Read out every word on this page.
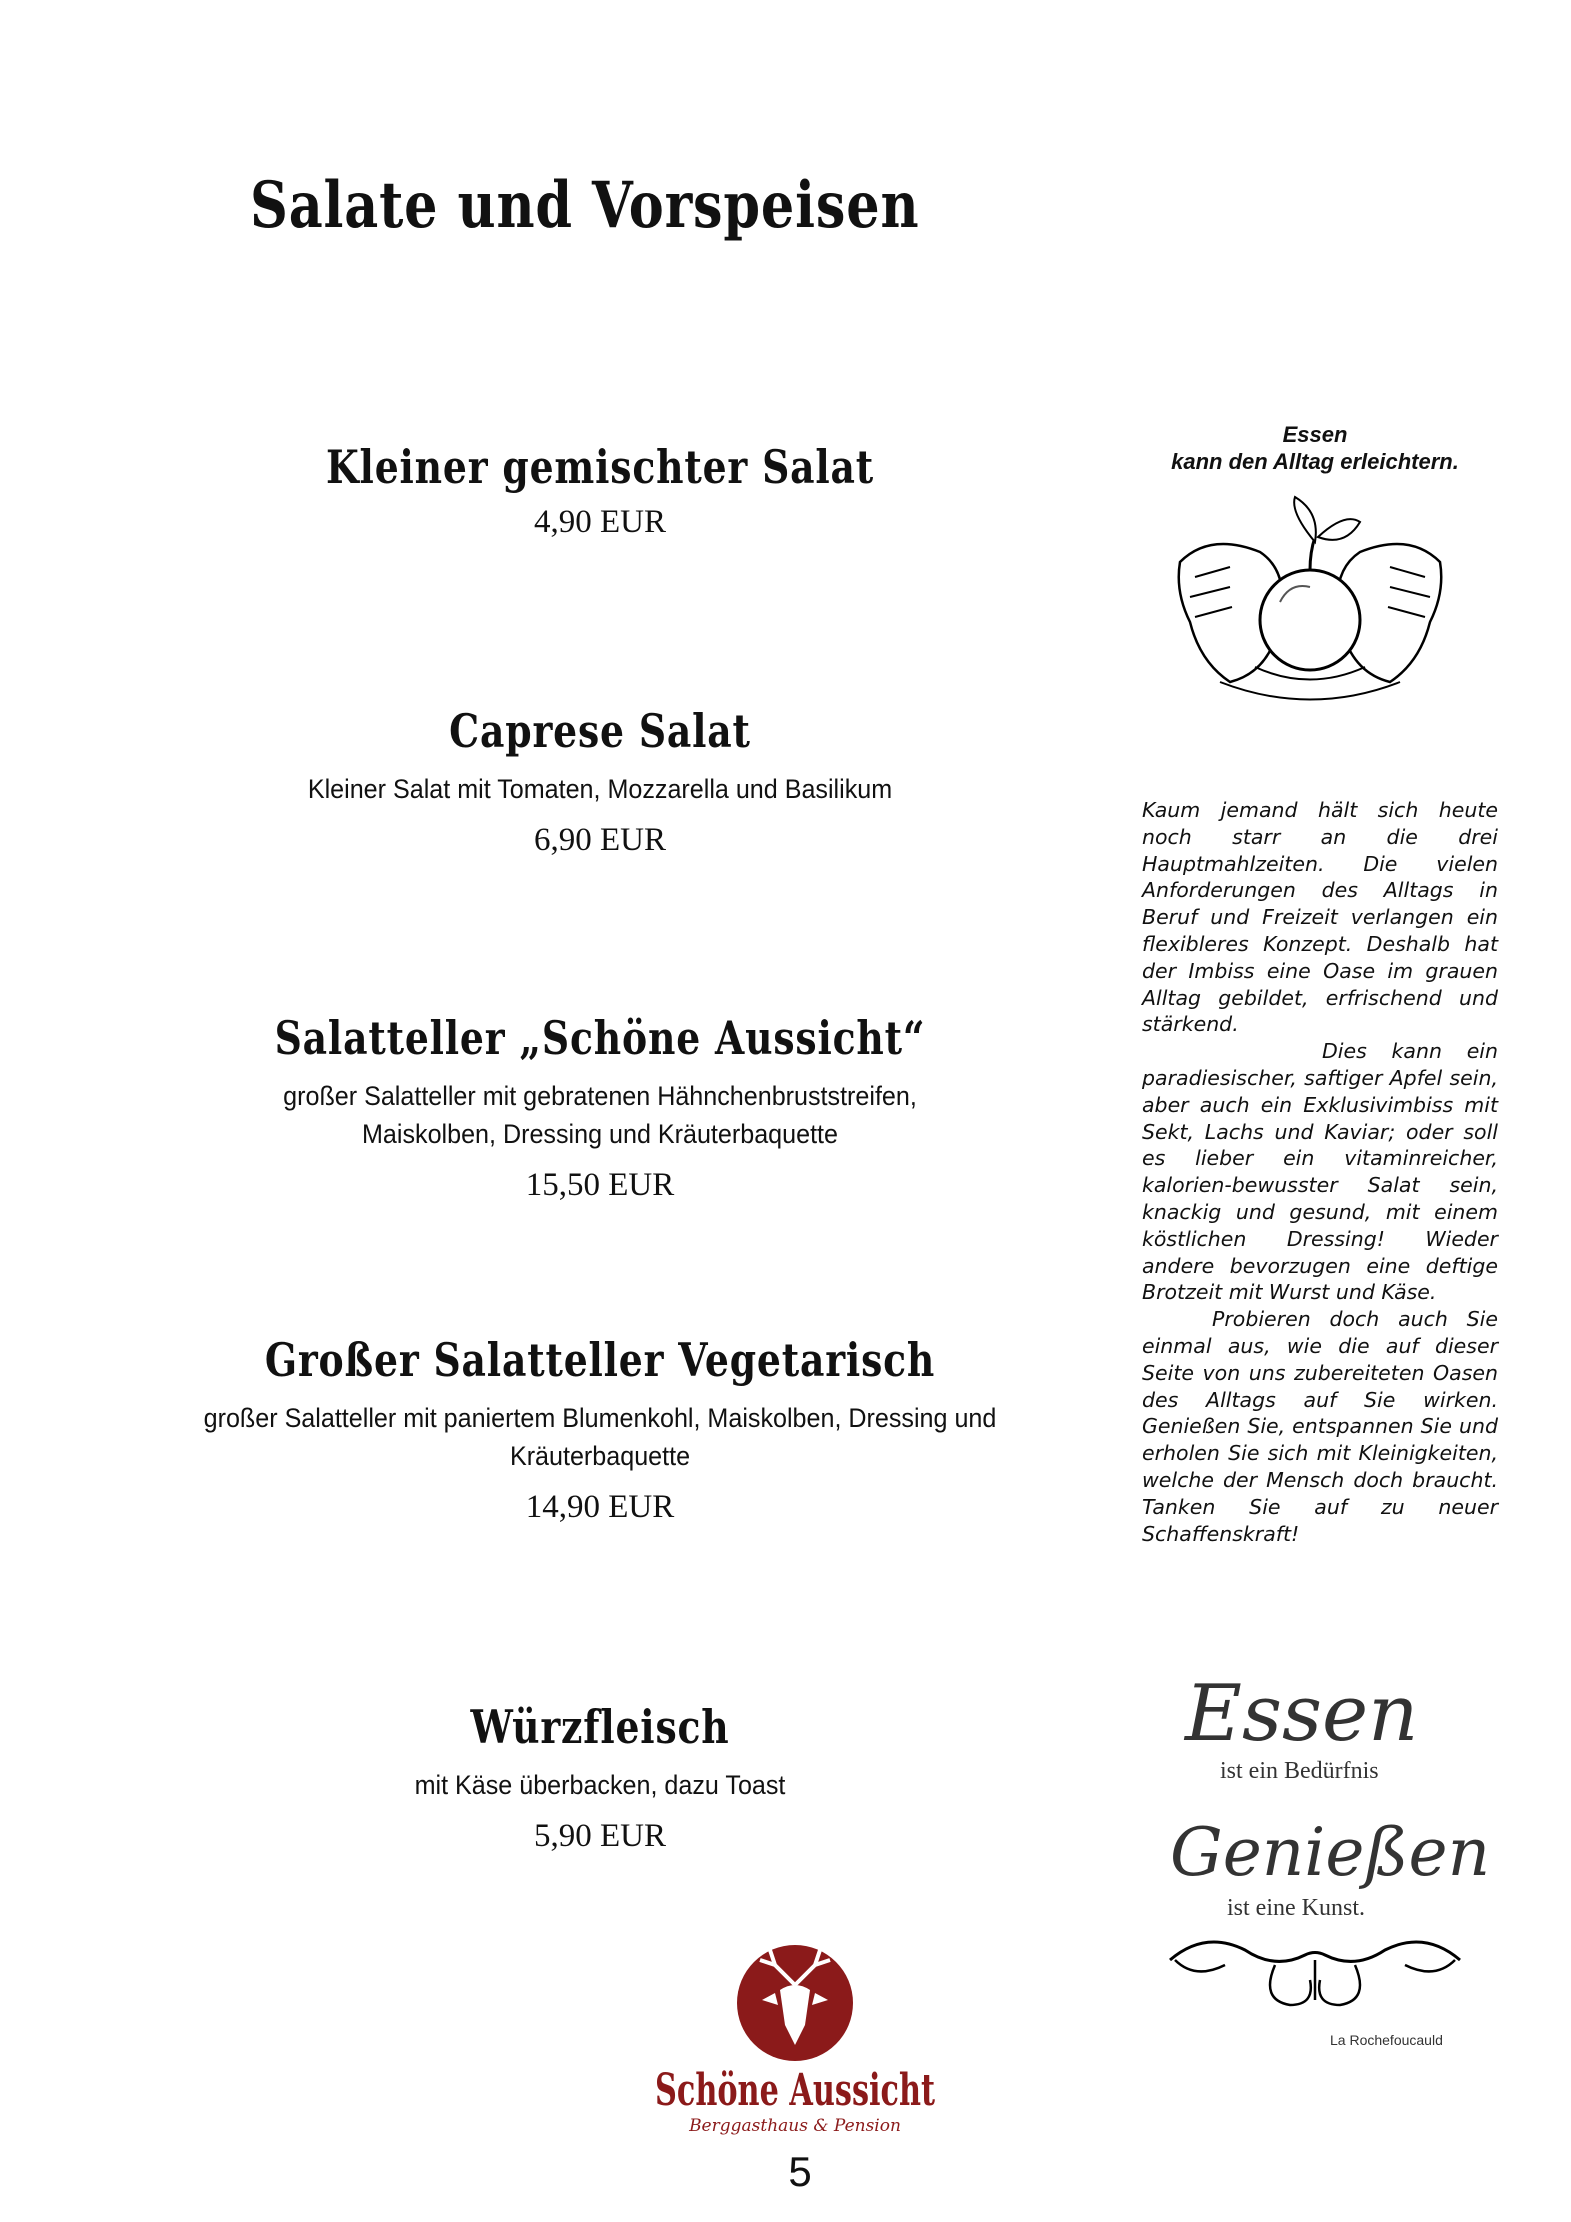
Salate und Vorspeisen
Kleiner gemischter Salat
4,90 EUR
Caprese Salat
Kleiner Salat mit Tomaten, Mozzarella und Basilikum
6,90 EUR
Salatteller „Schöne Aussicht“
großer Salatteller mit gebratenen Hähnchenbruststreifen, Maiskolben, Dressing und Kräuterbaquette
15,50 EUR
Großer Salatteller Vegetarisch
großer Salatteller mit paniertem Blumenkohl, Maiskolben, Dressing und Kräuterbaquette
14,90 EUR
Würzfleisch
mit Käse überbacken, dazu Toast
5,90 EUR
Essen
kann den Alltag erleichtern.

Kaum jemand hält sich heute noch starr an die drei Hauptmahlzeiten. Die vielen Anforderungen des Alltags in Beruf und Freizeit verlangen ein flexibleres Konzept. Deshalb hat der Imbiss eine Oase im grauen Alltag gebildet, erfrischend und stärkend.

Dies kann ein paradiesischer, saftiger Apfel sein, aber auch ein Exklusivimbiss mit Sekt, Lachs und Kaviar; oder soll es lieber ein vitaminreicher, kalorien-bewusster Salat sein, knackig und gesund, mit einem köstlichen Dressing! Wieder andere bevorzugen eine deftige Brotzeit mit Wurst und Käse.

Probieren doch auch Sie einmal aus, wie die auf dieser Seite von uns zubereiteten Oasen des Alltags auf Sie wirken. Genießen Sie, entspannen Sie und erholen Sie sich mit Kleinigkeiten, welche der Mensch doch braucht. Tanken Sie auf zu neuer Schaffenskraft!

Essen
ist ein Bedürfnis
Genießen
ist eine Kunst.
La Rochefoucauld
Schöne Aussicht
Berggasthaus & Pension
5
